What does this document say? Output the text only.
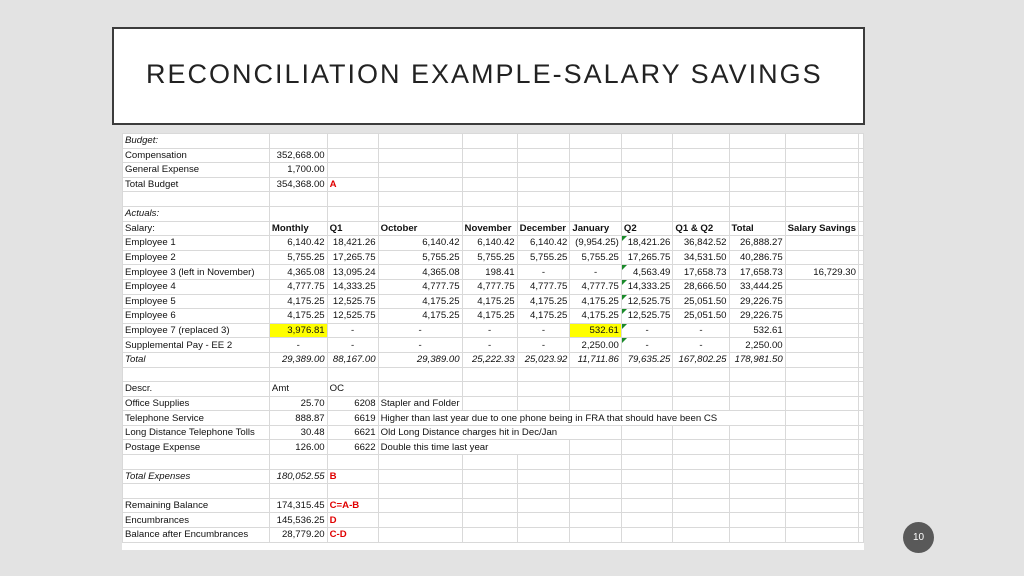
RECONCILIATION EXAMPLE-SALARY SAVINGS
Budget:											
Compensation	352,668.00										
General Expense	1,700.00										
Total Budget	354,368.00	A									

Actuals:											
Salary:	Monthly	Q1	October	November	December	January	Q2	Q1 & Q2	Total	Salary Savings	
Employee 1	6,140.42	18,421.26	6,140.42	6,140.42	6,140.42	(9,954.25)	18,421.26	36,842.52	26,888.27		
Employee 2	5,755.25	17,265.75	5,755.25	5,755.25	5,755.25	5,755.25	17,265.75	34,531.50	40,286.75		
Employee 3 (left in November)	4,365.08	13,095.24	4,365.08	198.41	-	-	4,563.49	17,658.73	17,658.73	16,729.30	
Employee 4	4,777.75	14,333.25	4,777.75	4,777.75	4,777.75	4,777.75	14,333.25	28,666.50	33,444.25		
Employee 5	4,175.25	12,525.75	4,175.25	4,175.25	4,175.25	4,175.25	12,525.75	25,051.50	29,226.75		
Employee 6	4,175.25	12,525.75	4,175.25	4,175.25	4,175.25	4,175.25	12,525.75	25,051.50	29,226.75		
Employee 7 (replaced 3)	3,976.81	-	-	-	-	532.61	-	-	532.61		
Supplemental Pay - EE 2	-	-	-	-	-	2,250.00	-	-	2,250.00		
Total	29,389.00	88,167.00	29,389.00	25,222.33	25,023.92	11,711.86	79,635.25	167,802.25	178,981.50		

Descr.	Amt	OC									
Office Supplies	25.70	6208	Stapler and Folder								
Telephone Service	888.87	6619	Higher than last year due to one phone being in FRA that should have been CS								
Long Distance Telephone Tolls	30.48	6621	Old Long Distance charges hit in Dec/Jan								
Postage Expense	126.00	6622	Double this time last year								

Total Expenses	180,052.55	B									

Remaining Balance	174,315.45	C=A-B									
Encumbrances	145,536.25	D									
Balance after Encumbrances	28,779.20	C-D										10
